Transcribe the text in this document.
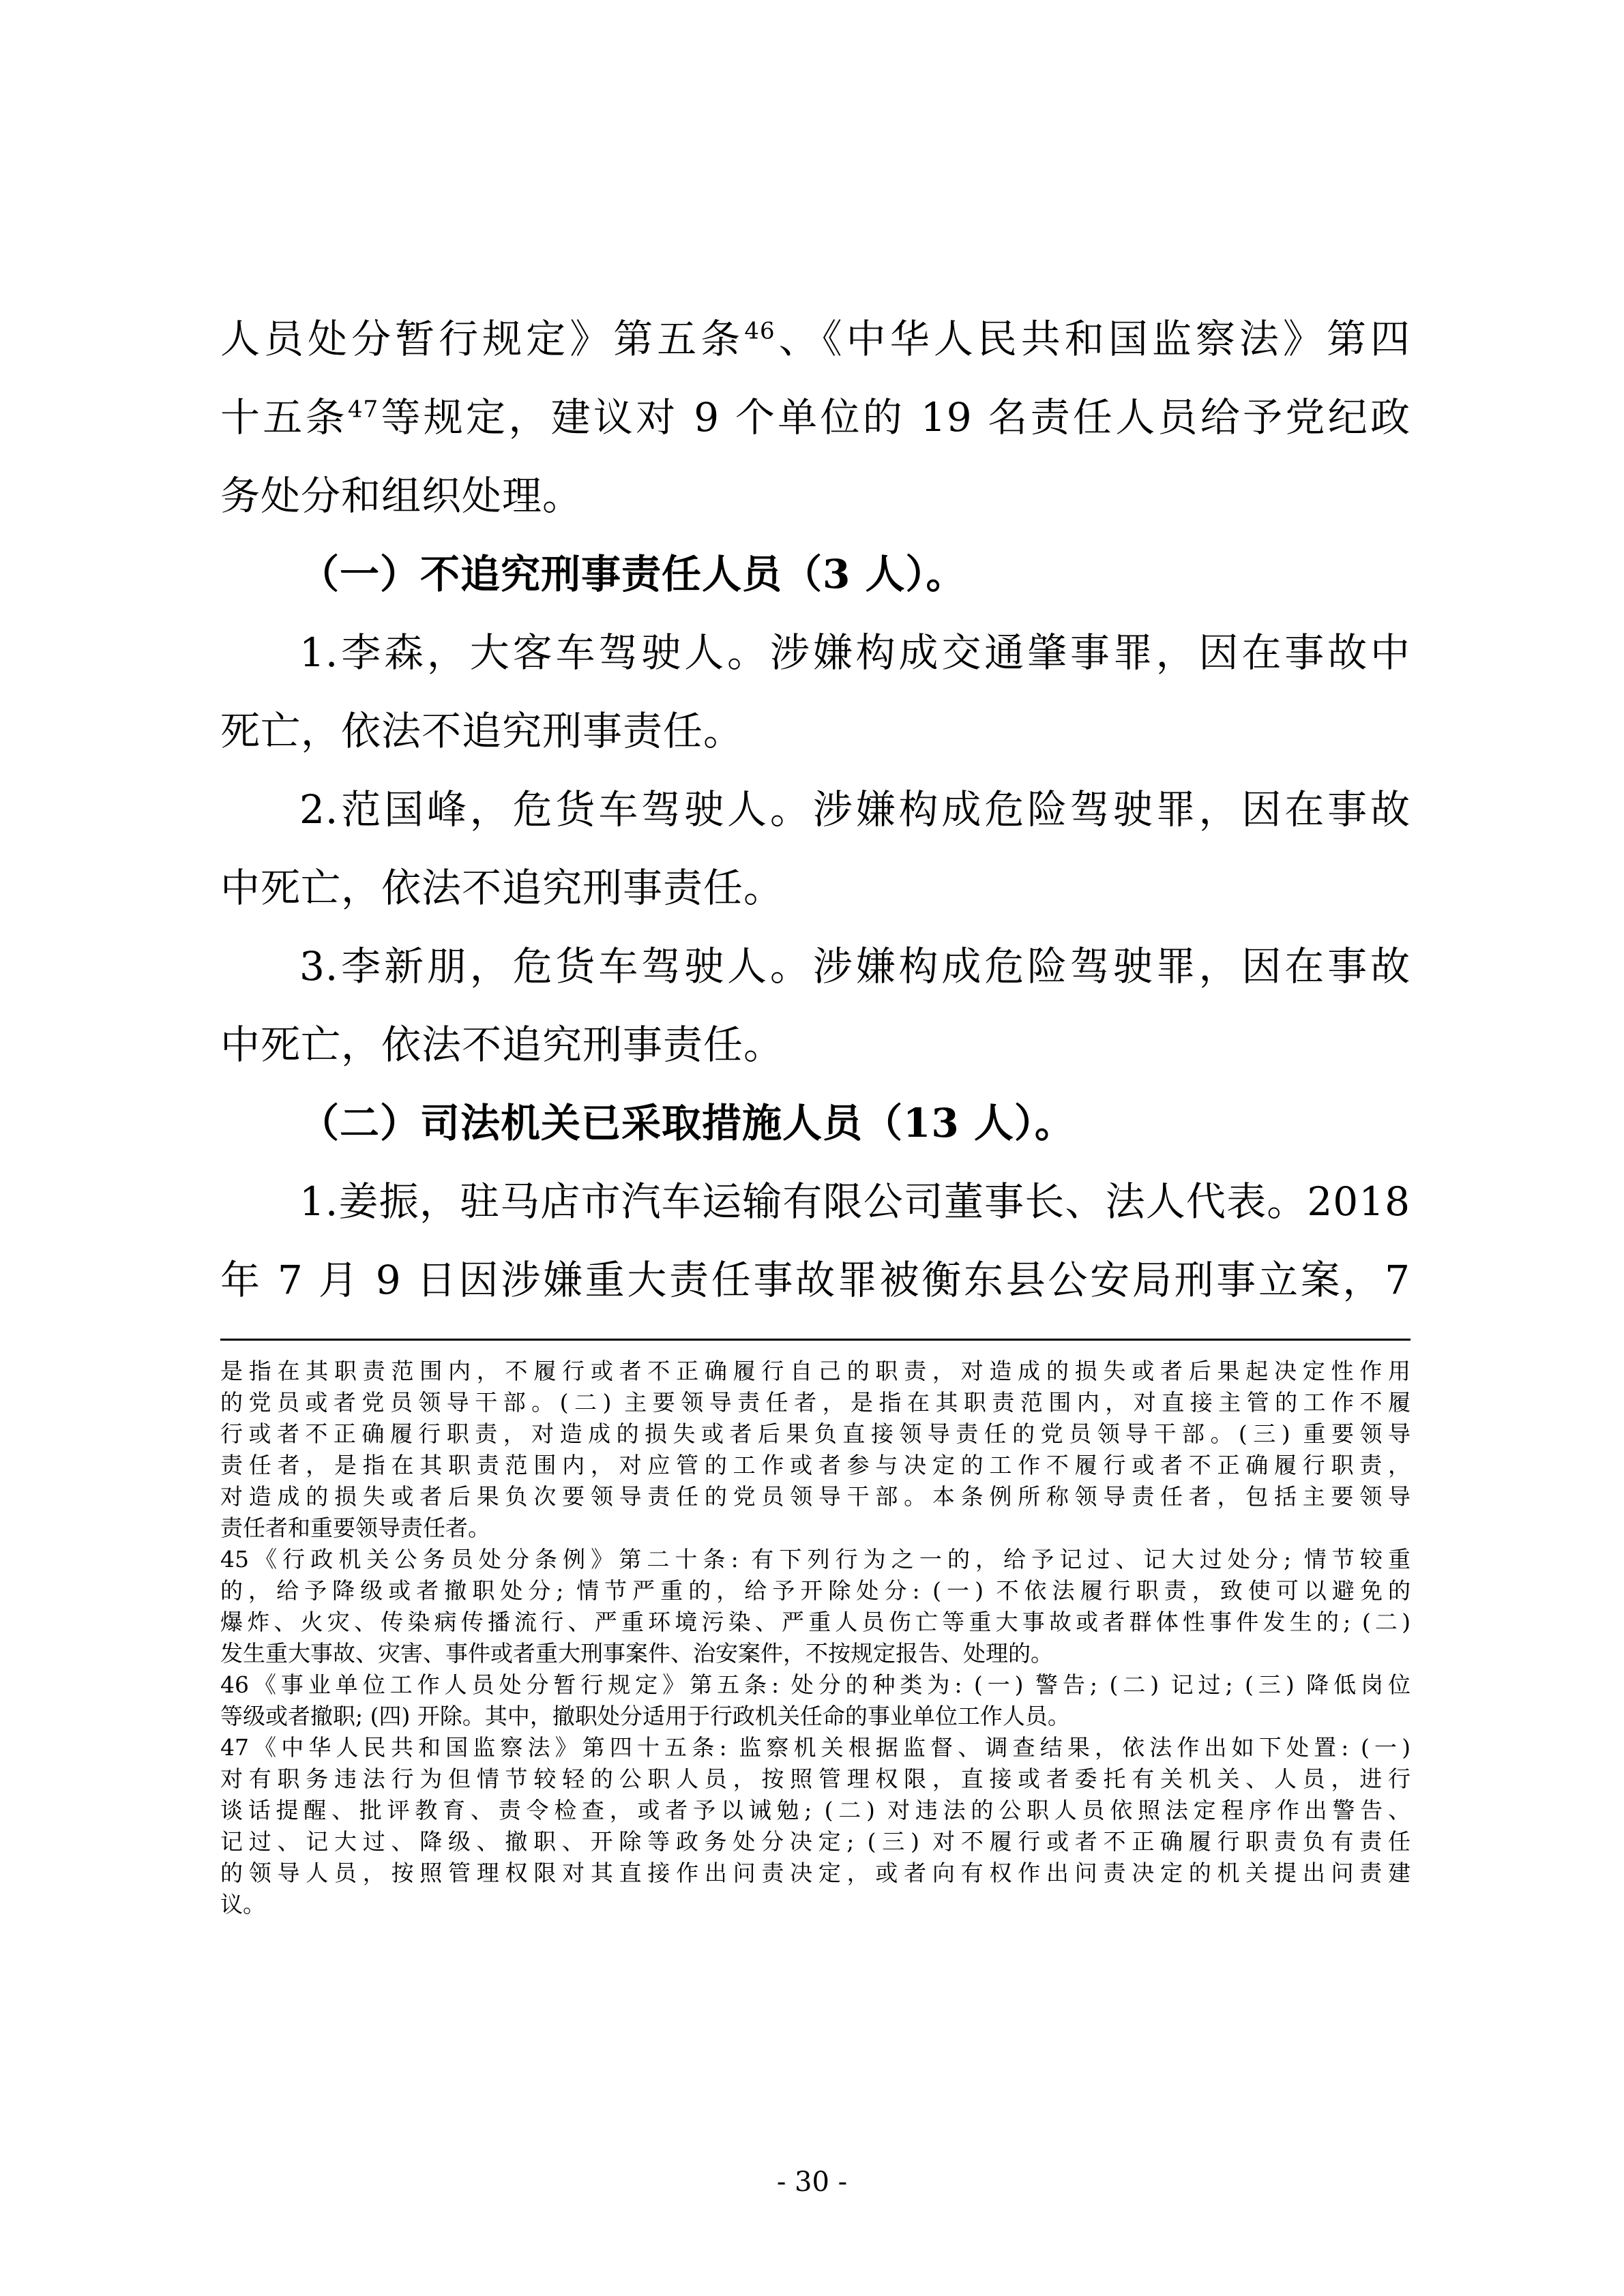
人员处分暂行规定》第五条$^{46}$、《中华人民共和国监察法》第四
十五条$^{47}$等规定，建议对 9 个单位的 19 名责任人员给予党纪政
务处分和组织处理。
（一）不追究刑事责任人员（3 人）。
1.李森，大客车驾驶人。涉嫌构成交通肇事罪，因在事故中
死亡，依法不追究刑事责任。
2.范国峰，危货车驾驶人。涉嫌构成危险驾驶罪，因在事故
中死亡，依法不追究刑事责任。
3.李新朋，危货车驾驶人。涉嫌构成危险驾驶罪，因在事故
中死亡，依法不追究刑事责任。
（二）司法机关已采取措施人员（13 人）。
1.姜振，驻马店市汽车运输有限公司董事长、法人代表。2018
年 7 月 9 日因涉嫌重大责任事故罪被衡东县公安局刑事立案，7
是指在其职责范围内，不履行或者不正确履行自己的职责，对造成的损失或者后果起决定性作用
的党员或者党员领导干部。(二) 主要领导责任者，是指在其职责范围内，对直接主管的工作不履
行或者不正确履行职责，对造成的损失或者后果负直接领导责任的党员领导干部。(三) 重要领导
责任者，是指在其职责范围内，对应管的工作或者参与决定的工作不履行或者不正确履行职责，
对造成的损失或者后果负次要领导责任的党员领导干部。本条例所称领导责任者，包括主要领导
责任者和重要领导责任者。
45《行政机关公务员处分条例》第二十条: 有下列行为之一的，给予记过、记大过处分; 情节较重
的，给予降级或者撤职处分; 情节严重的，给予开除处分: (一) 不依法履行职责，致使可以避免的
爆炸、火灾、传染病传播流行、严重环境污染、严重人员伤亡等重大事故或者群体性事件发生的; (二)
发生重大事故、灾害、事件或者重大刑事案件、治安案件，不按规定报告、处理的。
46《事业单位工作人员处分暂行规定》第五条: 处分的种类为: (一) 警告; (二) 记过; (三) 降低岗位
等级或者撤职; (四) 开除。其中，撤职处分适用于行政机关任命的事业单位工作人员。
47《中华人民共和国监察法》第四十五条: 监察机关根据监督、调查结果，依法作出如下处置: (一)
对有职务违法行为但情节较轻的公职人员，按照管理权限，直接或者委托有关机关、人员，进行
谈话提醒、批评教育、责令检查，或者予以诫勉; (二) 对违法的公职人员依照法定程序作出警告、
记过、记大过、降级、撤职、开除等政务处分决定; (三) 对不履行或者不正确履行职责负有责任
的领导人员，按照管理权限对其直接作出问责决定，或者向有权作出问责决定的机关提出问责建
议。
- 30 -
